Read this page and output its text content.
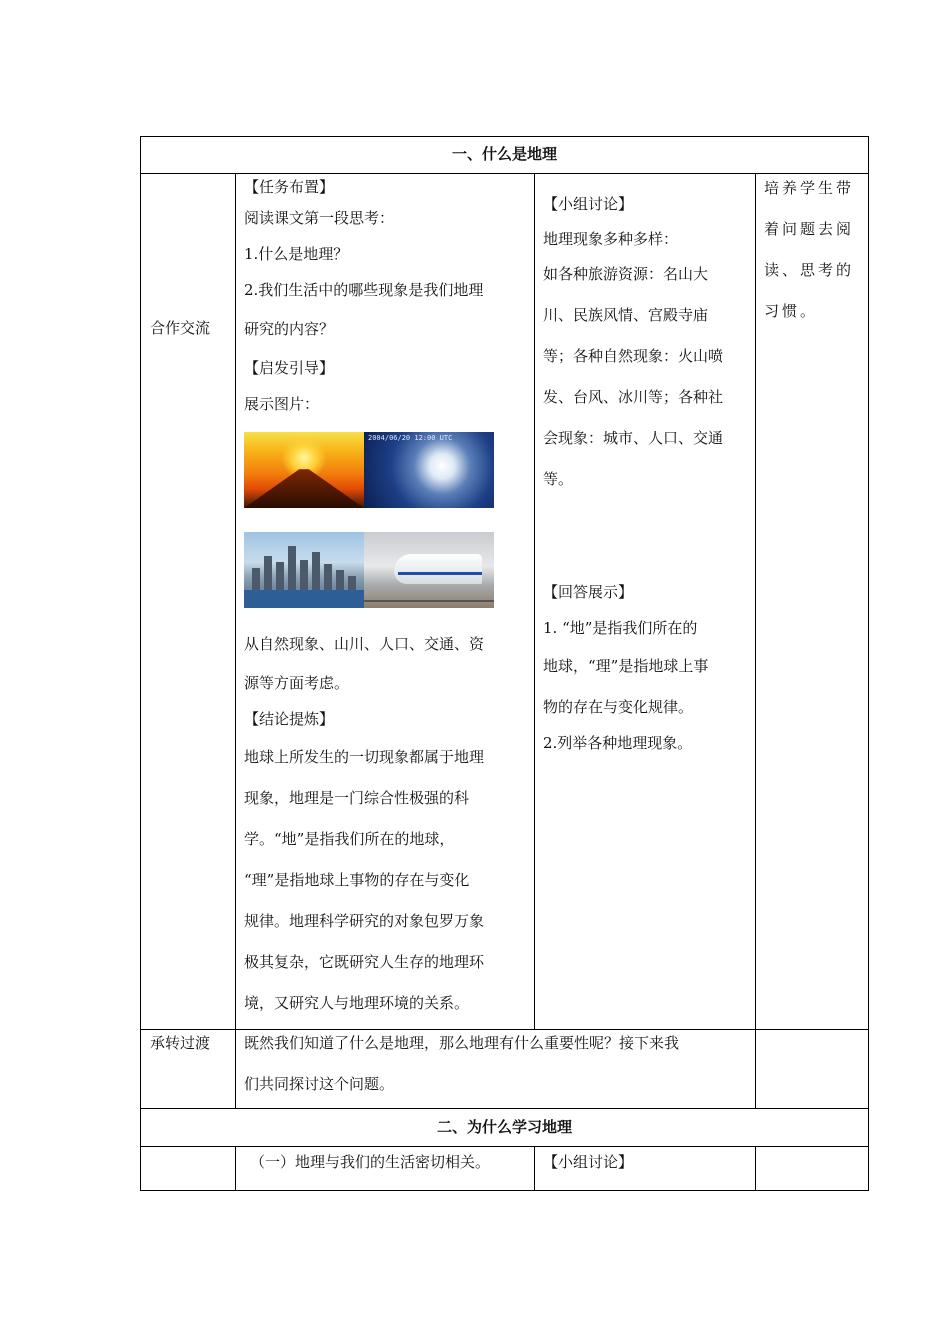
一、什么是地理
合作交流

【任务布置】

阅读课文第一段思考：

1.什么是地理？

2.我们生活中的哪些现象是我们地理

研究的内容？

【启发引导】

展示图片：

2004/06/20 12:00 UTC

从自然现象、山川、人口、交通、资

源等方面考虑。

【结论提炼】

地球上所发生的一切现象都属于地理

现象，地理是一门综合性极强的科

学。“地”是指我们所在的地球，

“理”是指地球上事物的存在与变化

规律。地理科学研究的对象包罗万象

极其复杂，它既研究人生存的地理环

境，又研究人与地理环境的关系。

【小组讨论】

地理现象多种多样：

如各种旅游资源：名山大

川、民族风情、宫殿寺庙

等；各种自然现象：火山喷

发、台风、冰川等；各种社

会现象：城市、人口、交通

等。

【回答展示】

1. “地”是指我们所在的

地球，“理”是指地球上事

物的存在与变化规律。

2.列举各种地理现象。

培养学生带

着问题去阅

读、思考的

习惯。

承转过渡 既然我们知道了什么是地理，那么地理有什么重要性呢？接下来我

们共同探讨这个问题。

二、为什么学习地理
（一）地理与我们的生活密切相关。	【小组讨论】
